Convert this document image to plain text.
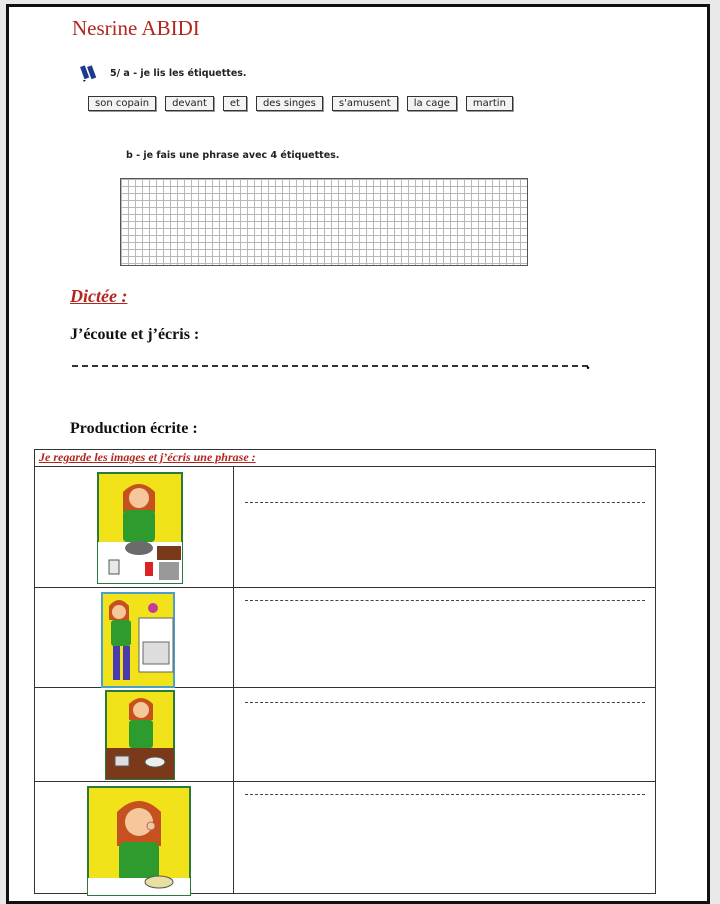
Nesrine ABIDI
5/ a - je lis les étiquettes.
son copain	devant	et	des singes	s'amusent	la cage	martin
b - je fais une phrase avec 4 étiquettes.
Dictée :
J’écoute et j’écris :
.
Production écrite :
Je regarde les images et j’écris une phrase :
